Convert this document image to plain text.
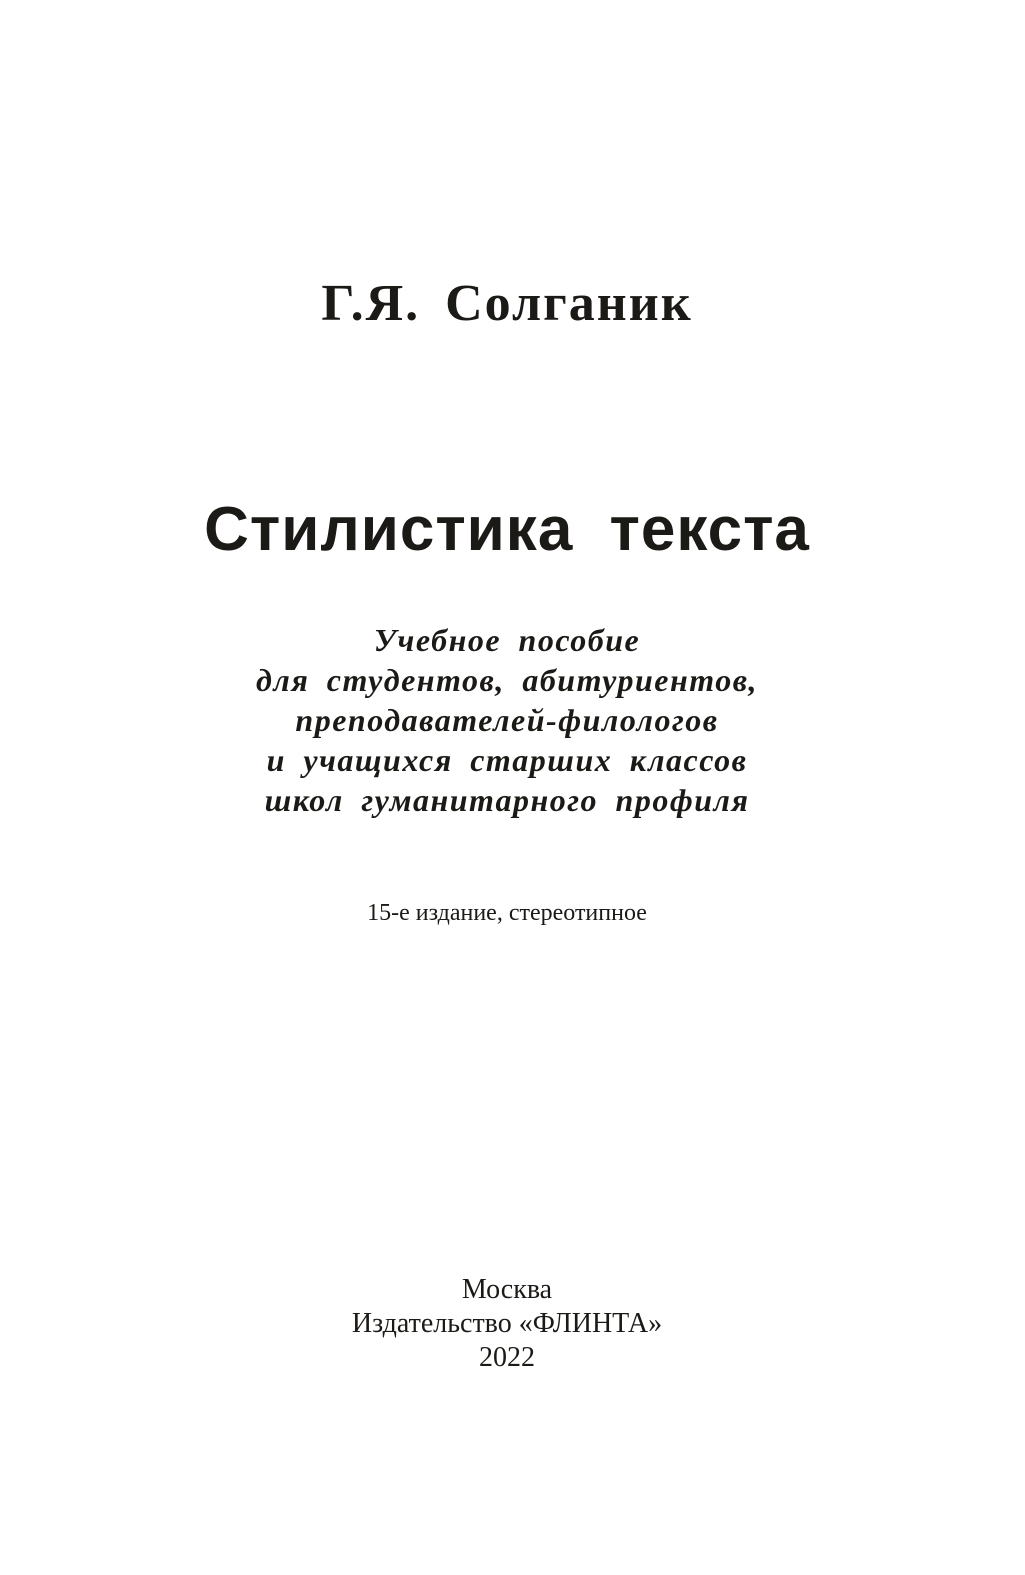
Г.Я. Солганик
Стилистика текста
Учебное пособие
для студентов, абитуриентов,
преподавателей-филологов
и учащихся старших классов
школ гуманитарного профиля
15-е издание, стереотипное
Москва
Издательство «ФЛИНТА»
2022
